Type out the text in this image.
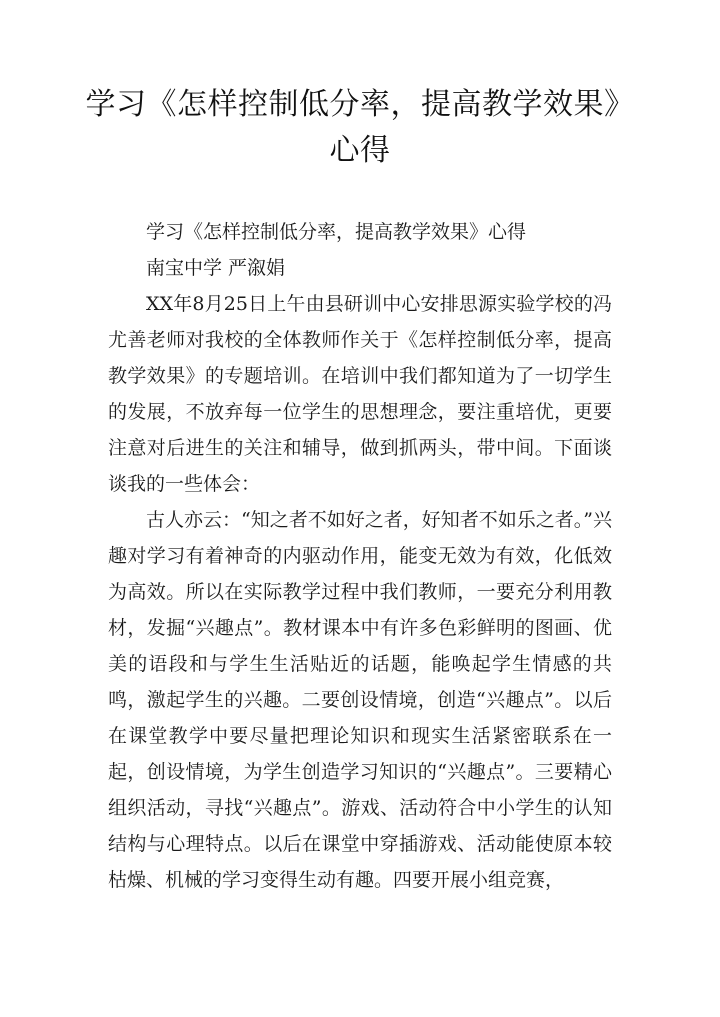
学习《怎样控制低分率，提高教学效果》
心得

学习《怎样控制低分率，提高教学效果》心得

南宝中学 严溆娟

XX年8月25日上午由县研训中心安排思源实验学校的冯尤善老师对我校的全体教师作关于《怎样控制低分率，提高教学效果》的专题培训。在培训中我们都知道为了一切学生的发展，不放弃每一位学生的思想理念，要注重培优，更要注意对后进生的关注和辅导，做到抓两头，带中间。下面谈谈我的一些体会：

古人亦云：“知之者不如好之者，好知者不如乐之者。”兴趣对学习有着神奇的内驱动作用，能变无效为有效，化低效为高效。所以在实际教学过程中我们教师，一要充分利用教材，发掘“兴趣点”。教材课本中有许多色彩鲜明的图画、优美的语段和与学生生活贴近的话题，能唤起学生情感的共鸣，激起学生的兴趣。二要创设情境，创造“兴趣点”。以后在课堂教学中要尽量把理论知识和现实生活紧密联系在一起，创设情境，为学生创造学习知识的“兴趣点”。三要精心组织活动，寻找“兴趣点”。游戏、活动符合中小学生的认知结构与心理特点。以后在课堂中穿插游戏、活动能使原本较枯燥、机械的学习变得生动有趣。四要开展小组竞赛，
